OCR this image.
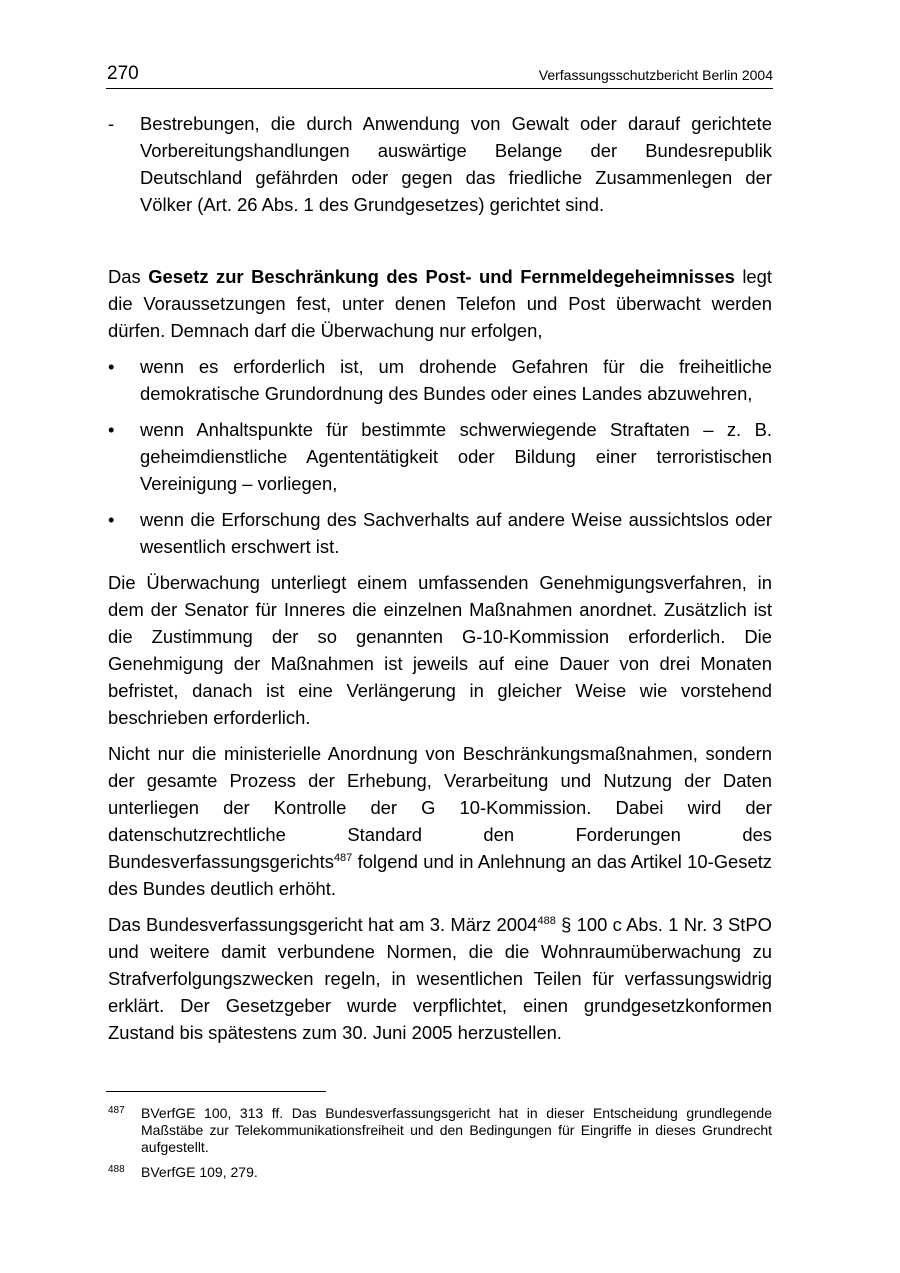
270	Verfassungsschutzbericht Berlin 2004
-	Bestrebungen, die durch Anwendung von Gewalt oder darauf gerichtete Vorbereitungshandlungen auswärtige Belange der Bundesrepublik Deutschland gefährden oder gegen das friedliche Zusammenlegen der Völker (Art. 26 Abs. 1 des Grundgesetzes) gerichtet sind.

Das Gesetz zur Beschränkung des Post- und Fernmeldegeheimnisses legt die Voraussetzungen fest, unter denen Telefon und Post überwacht werden dürfen. Demnach darf die Überwachung nur erfolgen,

•	wenn es erforderlich ist, um drohende Gefahren für die freiheitliche demokratische Grundordnung des Bundes oder eines Landes abzuwehren,
•	wenn Anhaltspunkte für bestimmte schwerwiegende Straftaten – z. B. geheimdienstliche Agententätigkeit oder Bildung einer terroristischen Vereinigung – vorliegen,
•	wenn die Erforschung des Sachverhalts auf andere Weise aussichtslos oder wesentlich erschwert ist.

Die Überwachung unterliegt einem umfassenden Genehmigungsverfahren, in dem der Senator für Inneres die einzelnen Maßnahmen anordnet. Zusätzlich ist die Zustimmung der so genannten G-10-Kommission erforderlich. Die Genehmigung der Maßnahmen ist jeweils auf eine Dauer von drei Monaten befristet, danach ist eine Verlängerung in gleicher Weise wie vorstehend beschrieben erforderlich.

Nicht nur die ministerielle Anordnung von Beschränkungsmaßnahmen, sondern der gesamte Prozess der Erhebung, Verarbeitung und Nutzung der Daten unterliegen der Kontrolle der G 10-Kommission. Dabei wird der datenschutzrechtliche Standard den Forderungen des Bundesverfassungsgerichts$^{487}$ folgend und in Anlehnung an das Artikel 10-Gesetz des Bundes deutlich erhöht.

Das Bundesverfassungsgericht hat am 3. März 2004$^{488}$ § 100 c Abs. 1 Nr. 3 StPO und weitere damit verbundene Normen, die die Wohnraumüberwachung zu Strafverfolgungszwecken regeln, in wesentlichen Teilen für verfassungswidrig erklärt. Der Gesetzgeber wurde verpflichtet, einen grundgesetzkonformen Zustand bis spätestens zum 30. Juni 2005 herzustellen.

487	BVerfGE 100, 313 ff. Das Bundesverfassungsgericht hat in dieser Entscheidung grundlegende Maßstäbe zur Telekommunikationsfreiheit und den Bedingungen für Eingriffe in dieses Grundrecht aufgestellt.
488	BVerfGE 109, 279.
